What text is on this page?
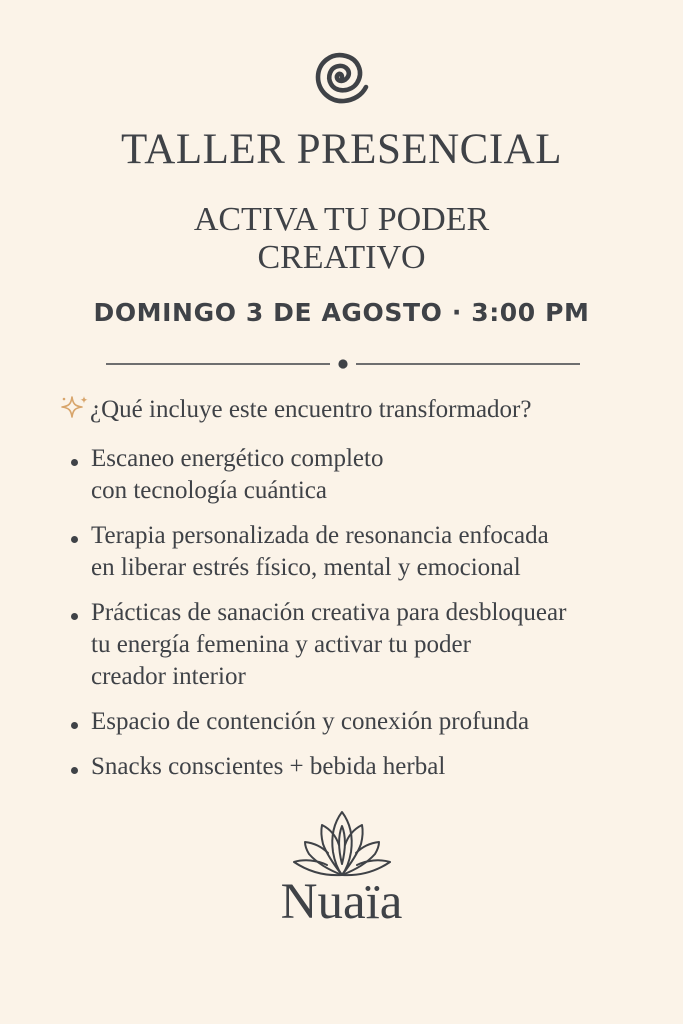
TALLER PRESENCIAL
ACTIVA TU PODER
CREATIVO
DOMINGO 3 DE AGOSTO · 3:00 PM
¿Qué incluye este encuentro transformador?
Escaneo energético completo
con tecnología cuántica
Terapia personalizada de resonancia enfocada
en liberar estrés físico, mental y emocional
Prácticas de sanación creativa para desbloquear
tu energía femenina y activar tu poder
creador interior
Espacio de contención y conexión profunda
Snacks conscientes + bebida herbal
Nuaïa
